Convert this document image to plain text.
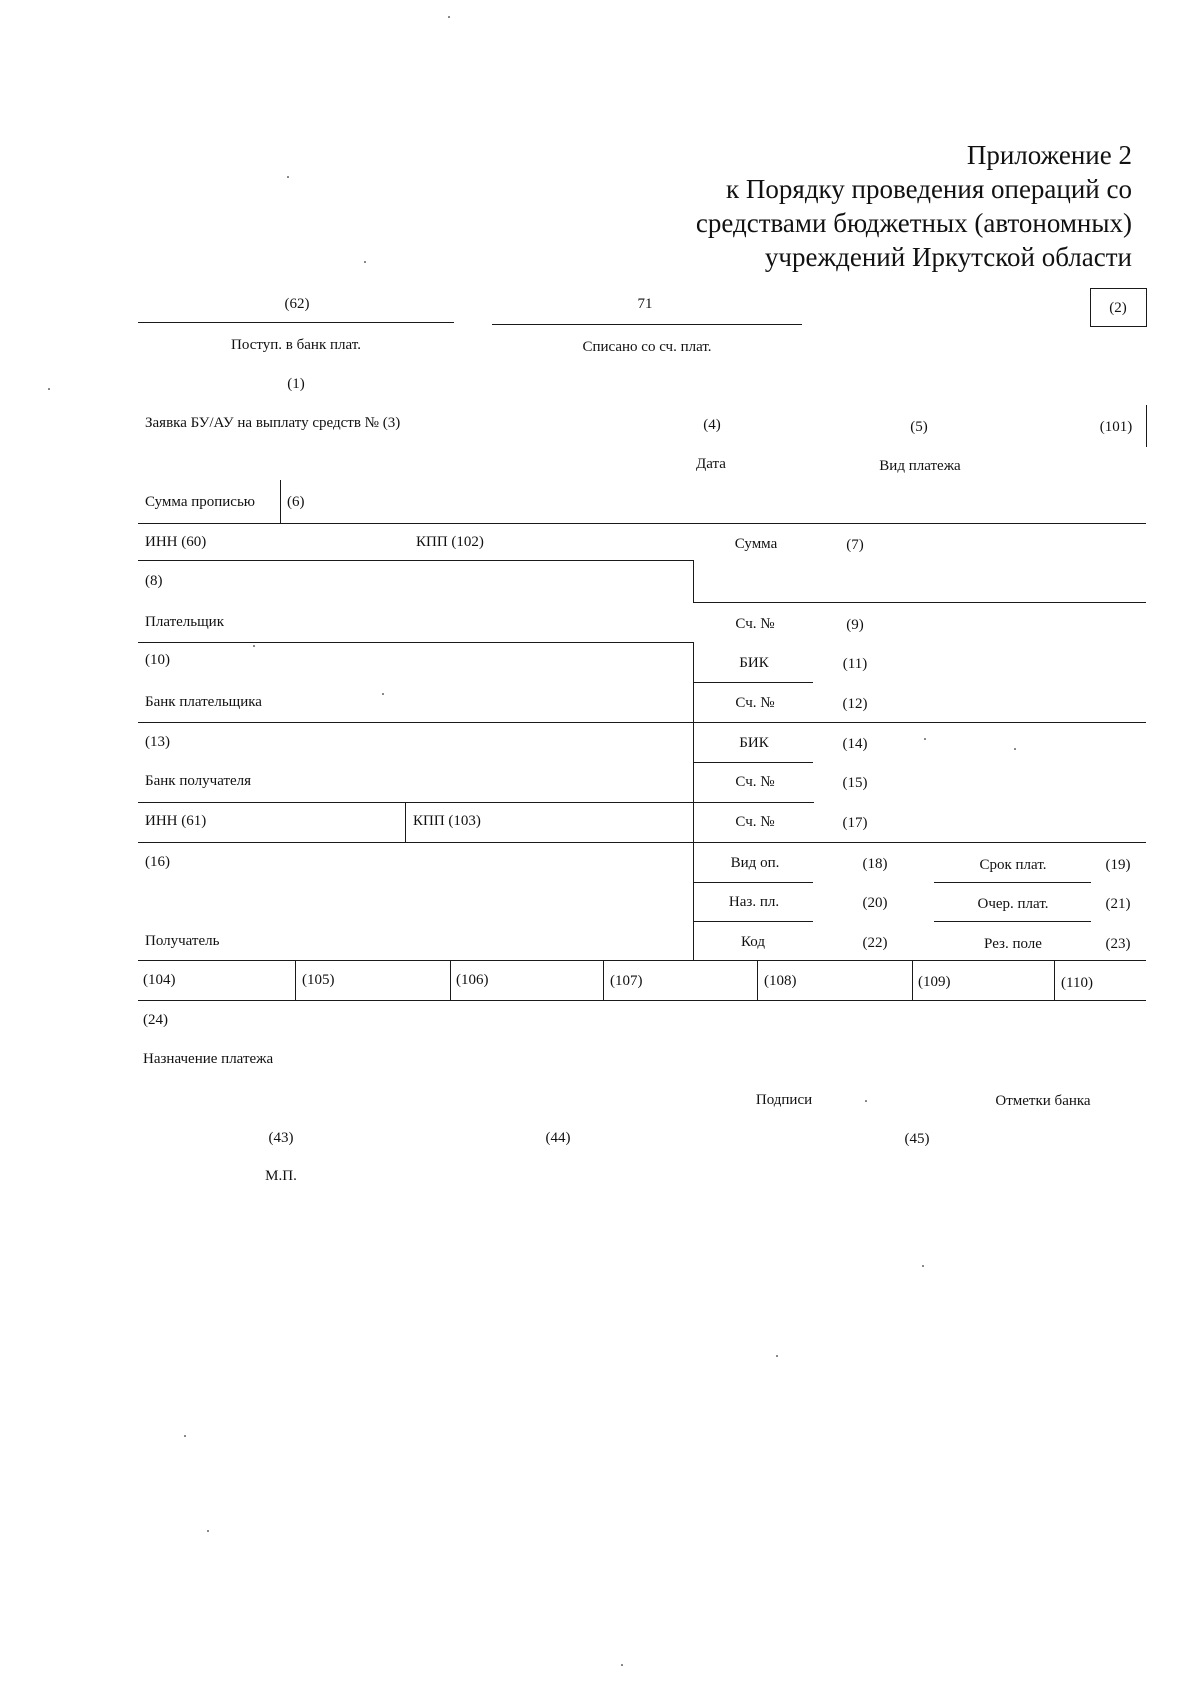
Приложение 2
к Порядку проведения операций со
средствами бюджетных (автономных)
учреждений Иркутской области
(62)	71	(2)
Поступ. в банк плат.	Списано со сч. плат.
(1)
Заявка БУ/АУ на выплату средств № (3)	(4)	(5)	(101)
Дата	Вид платежа
Сумма прописью (6)
ИНН (60)	КПП (102)	Сумма	(7)
(8)
Плательщик	Сч. №	(9)
(10)	БИК	(11)
Банк плательщика	Сч. №	(12)
(13)	БИК	(14)
Банк получателя	Сч. №	(15)
ИНН (61)	КПП (103)	Сч. №	(17)
(16)	Вид оп.	(18)	Срок плат.	(19)
Наз. пл.	(20)	Очер. плат.	(21)
Получатель	Код	(22)	Рез. поле	(23)
(104)	(105)	(106)	(107)	(108)	(109)	(110)
(24)
Назначение платежа
Подписи	Отметки банка
(43)	(44)	(45)
М.П.
